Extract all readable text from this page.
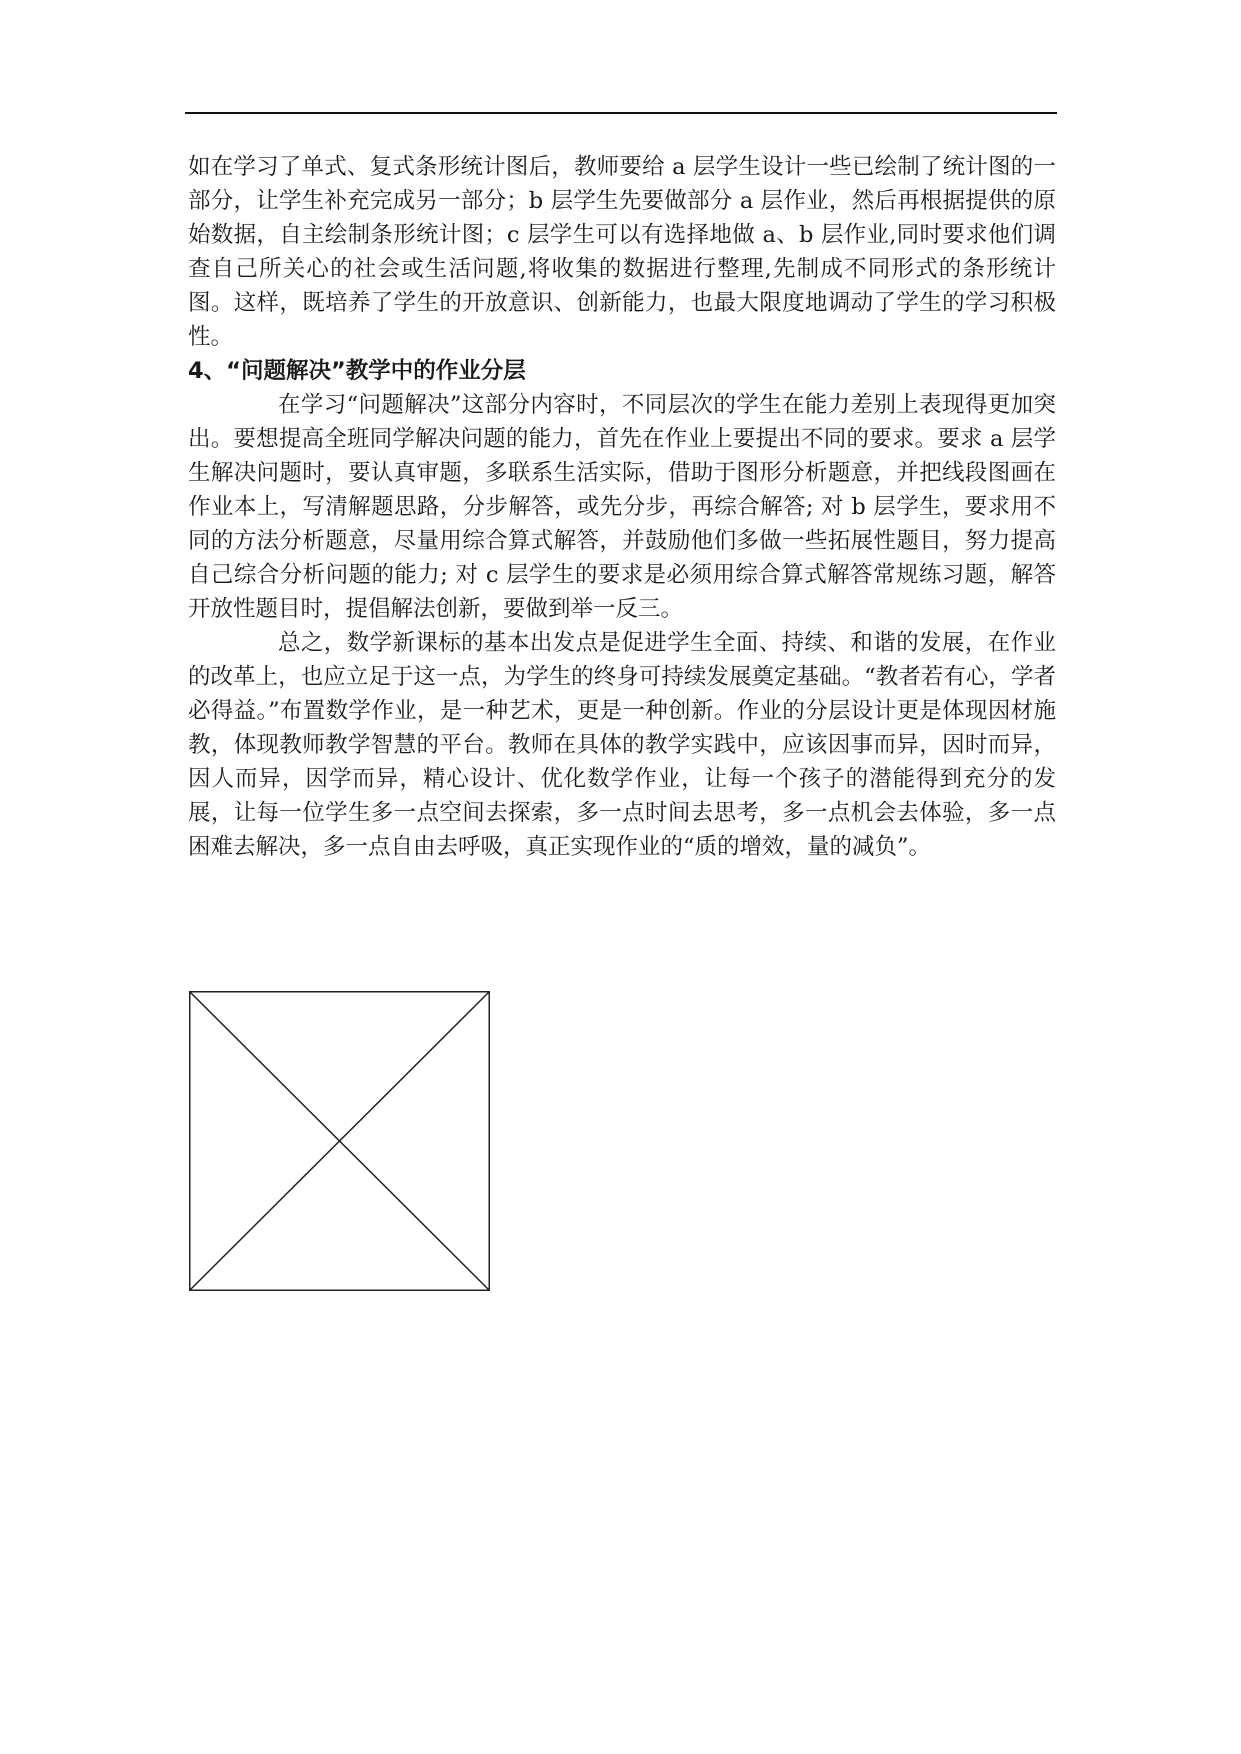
如在学习了单式、复式条形统计图后，教师要给 a 层学生设计一些已绘制了统计图的一部分，让学生补充完成另一部分；b 层学生先要做部分 a 层作业，然后再根据提供的原始数据，自主绘制条形统计图；c 层学生可以有选择地做 a、b 层作业,同时要求他们调查自己所关心的社会或生活问题,将收集的数据进行整理,先制成不同形式的条形统计图。这样，既培养了学生的开放意识、创新能力，也最大限度地调动了学生的学习积极性。

4、“问题解决”教学中的作业分层

在学习“问题解决”这部分内容时，不同层次的学生在能力差别上表现得更加突出。要想提高全班同学解决问题的能力，首先在作业上要提出不同的要求。要求 a 层学生解决问题时，要认真审题，多联系生活实际，借助于图形分析题意，并把线段图画在作业本上，写清解题思路，分步解答，或先分步，再综合解答; 对 b 层学生，要求用不同的方法分析题意，尽量用综合算式解答，并鼓励他们多做一些拓展性题目，努力提高自己综合分析问题的能力; 对 c 层学生的要求是必须用综合算式解答常规练习题，解答开放性题目时，提倡解法创新，要做到举一反三。

总之，数学新课标的基本出发点是促进学生全面、持续、和谐的发展，在作业的改革上，也应立足于这一点，为学生的终身可持续发展奠定基础。“教者若有心，学者必得益。”布置数学作业，是一种艺术，更是一种创新。作业的分层设计更是体现因材施教，体现教师教学智慧的平台。教师在具体的教学实践中，应该因事而异，因时而异，因人而异，因学而异，精心设计、优化数学作业，让每一个孩子的潜能得到充分的发展，让每一位学生多一点空间去探索，多一点时间去思考，多一点机会去体验，多一点困难去解决，多一点自由去呼吸，真正实现作业的“质的增效，量的减负”。
